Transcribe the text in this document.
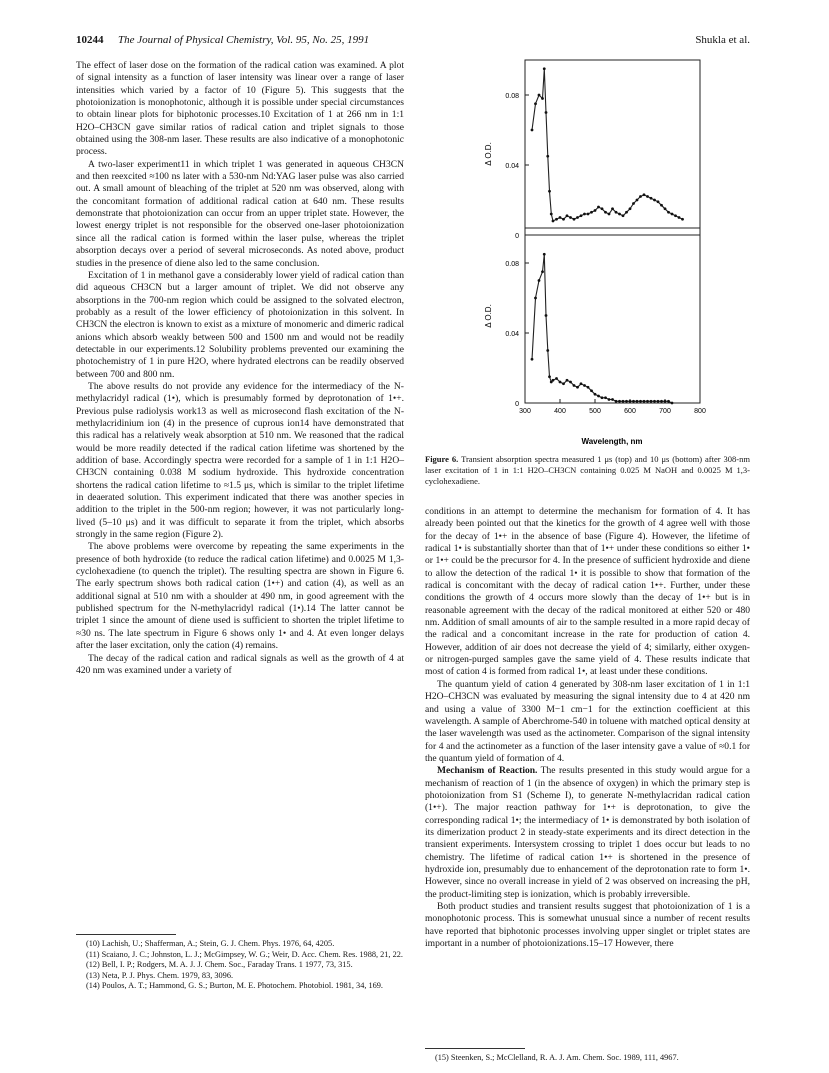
10244 The Journal of Physical Chemistry, Vol. 95, No. 25, 1991	Shukla et al.

The effect of laser dose on the formation of the radical cation was examined. A plot of signal intensity as a function of laser intensity was linear over a range of laser intensities which varied by a factor of 10 (Figure 5). This suggests that the photoionization is monophotonic, although it is possible under special circumstances to obtain linear plots for biphotonic processes.10 Excitation of 1 at 266 nm in 1:1 H2O–CH3CN gave similar ratios of radical cation and triplet signals to those obtained using the 308-nm laser. These results are also indicative of a monophotonic process.

A two-laser experiment11 in which triplet 1 was generated in aqueous CH3CN and then reexcited ≈100 ns later with a 530-nm Nd:YAG laser pulse was also carried out. A small amount of bleaching of the triplet at 520 nm was observed, along with the concomitant formation of additional radical cation at 640 nm. These results demonstrate that photoionization can occur from an upper triplet state. However, the lowest energy triplet is not responsible for the observed one-laser photoionization since all the radical cation is formed within the laser pulse, whereas the triplet absorption decays over a period of several microseconds. As noted above, product studies in the presence of diene also led to the same conclusion.

Excitation of 1 in methanol gave a considerably lower yield of radical cation than did aqueous CH3CN but a larger amount of triplet. We did not observe any absorptions in the 700-nm region which could be assigned to the solvated electron, probably as a result of the lower efficiency of photoionization in this solvent. In CH3CN the electron is known to exist as a mixture of monomeric and dimeric radical anions which absorb weakly between 500 and 1500 nm and would not be readily detectable in our experiments.12 Solubility problems prevented our examining the photochemistry of 1 in pure H2O, where hydrated electrons can be readily observed between 700 and 800 nm.

The above results do not provide any evidence for the intermediacy of the N-methylacridyl radical (1•), which is presumably formed by deprotonation of 1•+. Previous pulse radiolysis work13 as well as microsecond flash excitation of the N-methylacridinium ion (4) in the presence of cuprous ion14 have demonstrated that this radical has a relatively weak absorption at 510 nm. We reasoned that the radical would be more readily detected if the radical cation lifetime was shortened by the addition of base. Accordingly spectra were recorded for a sample of 1 in 1:1 H2O–CH3CN containing 0.038 M sodium hydroxide. This hydroxide concentration shortens the radical cation lifetime to ≈1.5 μs, which is similar to the triplet lifetime in deaerated solution. This experiment indicated that there was another species in addition to the triplet in the 500-nm region; however, it was not particularly long-lived (5–10 μs) and it was difficult to separate it from the triplet, which absorbs strongly in the same region (Figure 2).

The above problems were overcome by repeating the same experiments in the presence of both hydroxide (to reduce the radical cation lifetime) and 0.0025 M 1,3-cyclohexadiene (to quench the triplet). The resulting spectra are shown in Figure 6. The early spectrum shows both radical cation (1•+) and cation (4), as well as an additional signal at 510 nm with a shoulder at 490 nm, in good agreement with the published spectrum for the N-methylacridyl radical (1•).14 The latter cannot be triplet 1 since the amount of diene used is sufficient to shorten the triplet lifetime to ≈30 ns. The late spectrum in Figure 6 shows only 1• and 4. At even longer delays after the laser excitation, only the cation (4) remains.

The decay of the radical cation and radical signals as well as the growth of 4 at 420 nm was examined under a variety of

(10) Lachish, U.; Shafferman, A.; Stein, G. J. Chem. Phys. 1976, 64, 4205.
(11) Scaiano, J. C.; Johnston, L. J.; McGimpsey, W. G.; Weir, D. Acc. Chem. Res. 1988, 21, 22.
(12) Bell, I. P.; Rodgers, M. A. J. J. Chem. Soc., Faraday Trans. 1 1977, 73, 315.
(13) Neta, P. J. Phys. Chem. 1979, 83, 3096.
(14) Poulos, A. T.; Hammond, G. S.; Burton, M. E. Photochem. Photobiol. 1981, 34, 169.
Δ O.D.
0
0.04
0.08
Δ O.D.
0
0.04
0.08
300	400	500	600	700	800
Wavelength, nm
Figure 6. Transient absorption spectra measured 1 μs (top) and 10 μs (bottom) after 308-nm laser excitation of 1 in 1:1 H2O–CH3CN containing 0.025 M NaOH and 0.0025 M 1,3-cyclohexadiene.

conditions in an attempt to determine the mechanism for formation of 4. It has already been pointed out that the kinetics for the growth of 4 agree well with those for the decay of 1•+ in the absence of base (Figure 4). However, the lifetime of radical 1• is substantially shorter than that of 1•+ under these conditions so either 1• or 1•+ could be the precursor for 4. In the presence of sufficient hydroxide and diene to allow the detection of the radical 1• it is possible to show that formation of the radical is concomitant with the decay of radical cation 1•+. Further, under these conditions the growth of 4 occurs more slowly than the decay of 1•+ but is in reasonable agreement with the decay of the radical monitored at either 520 or 480 nm. Addition of small amounts of air to the sample resulted in a more rapid decay of the radical and a concomitant increase in the rate for production of cation 4. However, addition of air does not decrease the yield of 4; similarly, either oxygen- or nitrogen-purged samples gave the same yield of 4. These results indicate that most of cation 4 is formed from radical 1•, at least under these conditions.

The quantum yield of cation 4 generated by 308-nm laser excitation of 1 in 1:1 H2O–CH3CN was evaluated by measuring the signal intensity due to 4 at 420 nm and using a value of 3300 M−1 cm−1 for the extinction coefficient at this wavelength. A sample of Aberchrome-540 in toluene with matched optical density at the laser wavelength was used as the actinometer. Comparison of the signal intensity for 4 and the actinometer as a function of the laser intensity gave a value of ≈0.1 for the quantum yield of formation of 4.

Mechanism of Reaction. The results presented in this study would argue for a mechanism of reaction of 1 (in the absence of oxygen) in which the primary step is photoionization from S1 (Scheme I), to generate N-methylacridan radical cation (1•+). The major reaction pathway for 1•+ is deprotonation, to give the corresponding radical 1•; the intermediacy of 1• is demonstrated by both isolation of its dimerization product 2 in steady-state experiments and its direct detection in the transient experiments. Intersystem crossing to triplet 1 does occur but leads to no chemistry. The lifetime of radical cation 1•+ is shortened in the presence of hydroxide ion, presumably due to enhancement of the deprotonation rate to form 1•. However, since no overall increase in yield of 2 was observed on increasing the pH, the product-limiting step is ionization, which is probably irreversible.

Both product studies and transient results suggest that photoionization of 1 is a monophotonic process. This is somewhat unusual since a number of recent results have reported that biphotonic processes involving upper singlet or triplet states are important in a number of photoionizations.15–17 However, there

(15) Steenken, S.; McClelland, R. A. J. Am. Chem. Soc. 1989, 111, 4967.
